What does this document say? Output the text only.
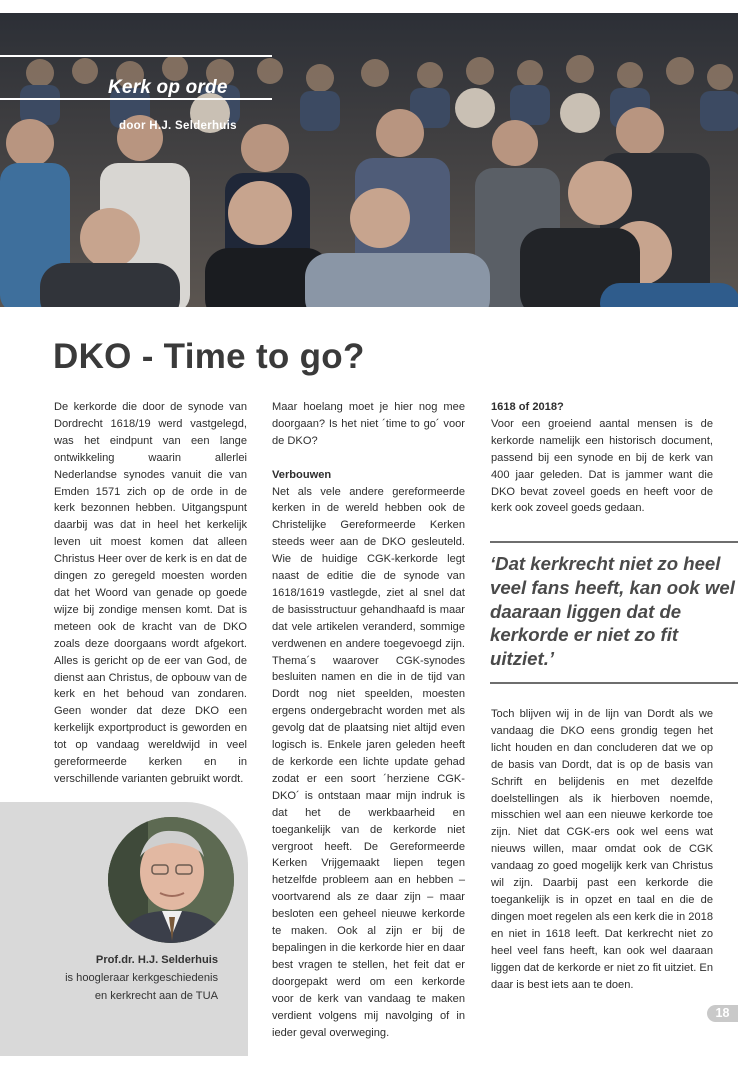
Kerk op orde
door H.J. Selderhuis
DKO - Time to go?

De kerkorde die door de synode van Dordrecht 1618/19 werd vastgelegd, was het eindpunt van een lange ontwikkeling waarin allerlei Nederlandse synodes vanuit die van Emden 1571 zich op de orde in de kerk bezonnen hebben. Uitgangspunt daarbij was dat in heel het kerkelijk leven uit moest komen dat alleen Christus Heer over de kerk is en dat de dingen zo geregeld moesten worden dat het Woord van genade op goede wijze bij zondige mensen komt. Dat is meteen ook de kracht van de DKO zoals deze doorgaans wordt afgekort. Alles is gericht op de eer van God, de dienst aan Christus, de opbouw van de kerk en het behoud van zondaren. Geen wonder dat deze DKO een kerkelijk exportproduct is geworden en tot op vandaag wereldwijd in veel gereformeerde kerken en in verschillende varianten gebruikt wordt.

Maar hoelang moet je hier nog mee doorgaan? Is het niet ´time to go´ voor de DKO?

Verbouwen

Net als vele andere gereformeerde kerken in de wereld hebben ook de Christelijke Gereformeerde Kerken steeds weer aan de DKO gesleuteld. Wie de huidige CGK-kerkorde legt naast de editie die de synode van 1618/1619 vastlegde, ziet al snel dat de basisstructuur gehandhaafd is maar dat vele artikelen veranderd, sommige verdwenen en andere toegevoegd zijn. Thema´s waarover CGK-synodes besluiten namen en die in de tijd van Dordt nog niet speelden, moesten ergens ondergebracht worden met als gevolg dat de plaatsing niet altijd even logisch is. Enkele jaren geleden heeft de kerkorde een lichte update gehad zodat er een soort ´herziene CGK-DKO´ is ontstaan maar mijn indruk is dat het de werkbaarheid en toegankelijk van de kerkorde niet vergroot heeft. De Gereformeerde Kerken Vrijgemaakt liepen tegen hetzelfde probleem aan en hebben – voortvarend als ze daar zijn – maar besloten een geheel nieuwe kerkorde te maken. Ook al zijn er bij de bepalingen in die kerkorde hier en daar best vragen te stellen, het feit dat er doorgepakt werd om een kerkorde voor de kerk van vandaag te maken verdient volgens mij navolging of in ieder geval overweging.

1618 of 2018?

Voor een groeiend aantal mensen is de kerkorde namelijk een historisch document, passend bij een synode en bij de kerk van 400 jaar geleden. Dat is jammer want die DKO bevat zoveel goeds en heeft voor de kerk ook zoveel goeds gedaan.

‘Dat kerkrecht niet zo heel veel fans heeft, kan ook wel daaraan liggen dat de kerkorde er niet zo fit uitziet.’

Toch blijven wij in de lijn van Dordt als we vandaag die DKO eens grondig tegen het licht houden en dan concluderen dat we op de basis van Dordt, dat is op de basis van Schrift en belijdenis en met dezelfde doelstellingen als ik hierboven noemde, misschien wel aan een nieuwe kerkorde toe zijn. Niet dat CGK-ers ook wel eens wat nieuws willen, maar omdat ook de CGK vandaag zo goed mogelijk kerk van Christus wil zijn. Daarbij past een kerkorde die toegankelijk is in opzet en taal en die de dingen moet regelen als een kerk die in 2018 en niet in 1618 leeft. Dat kerkrecht niet zo heel veel fans heeft, kan ook wel daaraan liggen dat de kerkorde er niet zo fit uitziet. En daar is best iets aan te doen.

Prof.dr. H.J. Selderhuis
is hoogleraar kerkgeschiedenis
en kerkrecht aan de TUA
18
